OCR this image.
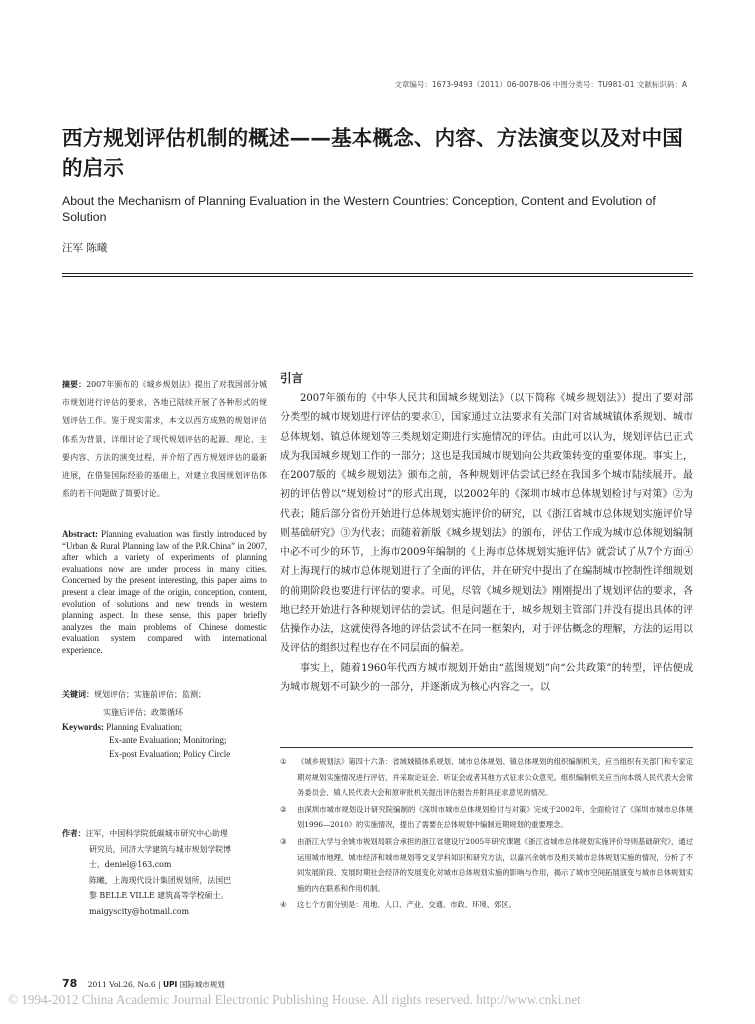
文章编号：1673-9493（2011）06-0078-06 中图分类号：TU981-01 文献标识码：A
西方规划评估机制的概述——基本概念、内容、方法演变以及对中国的启示
About the Mechanism of Planning Evaluation in the Western Countries: Conception, Content and Evolution of Solution
汪军 陈曦
摘要：2007年颁布的《城乡规划法》提出了对我国部分城市规划进行评估的要求，各地已陆续开展了各种形式的规划评估工作。鉴于现实需求，本文以西方成熟的规划评估体系为背景，详细讨论了现代规划评估的起源、理论、主要内容、方法的演变过程，并介绍了西方规划评估的最新进展，在借鉴国际经验的基础上，对建立我国规划评估体系的若干问题做了简要讨论。
Abstract: Planning evaluation was firstly introduced by “Urban & Rural Planning law of the P.R.China” in 2007, after which a variety of experiments of planning evaluations now are under process in many cities. Concerned by the present interesting, this paper aims to present a clear image of the origin, conception, content, evolution of solutions and new trends in western planning aspect. In these sense, this paper briefly analyzes the main problems of Chinese domestic evaluation system compared with international experience.
关键词：规划评估；实施前评估；监测；
实施后评估；政策循环
Keywords: Planning Evaluation;
Ex-ante Evaluation; Monitoring;
Ex-post Evaluation; Policy Circle
作者：汪军，中国科学院低碳城市研究中心助理
研究员，同济大学建筑与城市规划学院博
士，deniel@163.com
陈曦，上海现代设计集团规划所，法国巴
黎 BELLE VILLE 建筑高等学校硕士。
maigyscity@hotmail.com
引言

2007年颁布的《中华人民共和国城乡规划法》（以下简称《城乡规划法》）提出了要对部分类型的城市规划进行评估的要求①，国家通过立法要求有关部门对省域城镇体系规划、城市总体规划、镇总体规划等三类规划定期进行实施情况的评估。由此可以认为，规划评估已正式成为我国城乡规划工作的一部分；这也是我国城市规划向公共政策转变的重要体现。事实上，在2007版的《城乡规划法》颁布之前，各种规划评估尝试已经在我国多个城市陆续展开。最初的评估曾以“规划检讨”的形式出现，以2002年的《深圳市城市总体规划检讨与对策》②为代表；随后部分省份开始进行总体规划实施评价的研究，以《浙江省城市总体规划实施评价导则基础研究》③为代表；而随着新版《城乡规划法》的颁布，评估工作成为城市总体规划编制中必不可少的环节，上海市2009年编制的《上海市总体规划实施评估》就尝试了从7个方面④对上海现行的城市总体规划进行了全面的评估，并在研究中提出了在编制城市控制性详细规划的前期阶段也要进行评估的要求。可见，尽管《城乡规划法》刚刚提出了规划评估的要求，各地已经开始进行各种规划评估的尝试。但是问题在于，城乡规划主管部门并没有提出具体的评估操作办法，这就使得各地的评估尝试不在同一框架内，对于评估概念的理解，方法的运用以及评估的组织过程也存在不同层面的偏差。

事实上，随着1960年代西方城市规划开始由“蓝图规划”向“公共政策”的转型，评估便成为城市规划不可缺少的一部分，并逐渐成为核心内容之一。以

① 《城乡规划法》第四十六条：省域城镇体系规划、城市总体规划、镇总体规划的组织编制机关，应当组织有关部门和专家定期对规划实施情况进行评估，并采取论证会、听证会或者其他方式征求公众意见。组织编制机关应当向本级人民代表大会常务委员会、镇人民代表大会和原审批机关提出评估报告并附具征求意见的情况。
② 由深圳市城市规划设计研究院编制的《深圳市城市总体规划检讨与对策》完成于2002年，全面检讨了《深圳市城市总体规划1996—2010》的实施情况，提出了需要在总体规划中编制近期规划的重要理念。
③ 由浙江大学与余姚市规划局联合承担的浙江省建设厅2005年研究课题《浙江省城市总体规划实施评价导则基础研究》，通过运用城市地理、城市经济和城市规划等交叉学科知识和研究方法，以嘉兴余姚市及相关城市总体规划实施的情况，分析了不同发展阶段、发展时期社会经济的发展变化对城市总体规划实施的影响与作用，揭示了城市空间拓展演变与城市总体规划实施的内在联系和作用机制。
④ 这七个方面分别是：用地、人口、产业、交通、市政、环境、郊区。
78 2011 Vol.26, No.6 | UPI 国际城市规划
© 1994-2012 China Academic Journal Electronic Publishing House. All rights reserved. http://www.cnki.net
